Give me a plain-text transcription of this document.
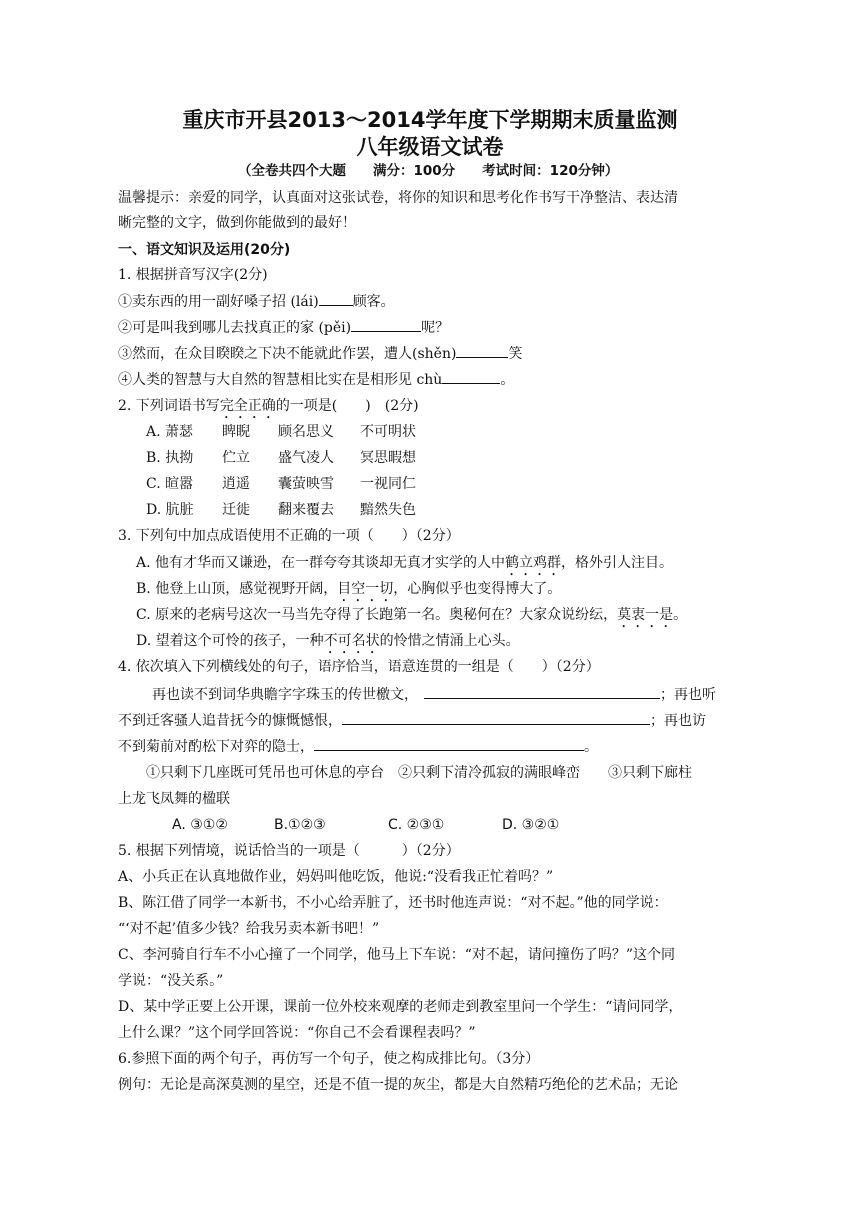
重庆市开县2013～2014学年度下学期期末质量监测
八年级语文试卷
（全卷共四个大题　　满分：100分　　考试时间：120分钟）
温馨提示：亲爱的同学，认真面对这张试卷，将你的知识和思考化作书写干净整洁、表达清
晰完整的文字，做到你能做到的最好！
一、语文知识及运用(20分)
1. 根据拼音写汉字(2分)
①卖东西的用一副好嗓子招 (lái) 顾客。
②可是叫我到哪儿去找真正的家 (pěi)	呢？
③然而，在众目睽睽之下决不能就此作罢，遭人(shěn)	笑
④人类的智慧与大自然的智慧相比实在是相形见 chù	。
2. 下列词语书写完全正确的一项是(　　)　(2分)
A. 萧瑟 睥睨 顾名思义 不可明状
B. 执拗 伫立 盛气凌人 冥思暇想
C. 暄嚣 逍遥 囊萤映雪 一视同仁
D. 肮脏 迁徙 翻来覆去 黯然失色
3. 下列句中加点成语使用不正确的一项（　　）（2分）
A. 他有才华而又谦逊，在一群夸夸其谈却无真才实学的人中鹤立鸡群，格外引人注目。
B. 他登上山顶，感觉视野开阔，目空一切，心胸似乎也变得博大了。
C. 原来的老病号这次一马当先夺得了长跑第一名。奥秘何在？大家众说纷纭，莫衷一是。
D. 望着这个可怜的孩子，一种不可名状的怜惜之情涌上心头。
4. 依次填入下列横线处的句子，语序恰当，语意连贯的一组是（　　）（2分）
再也读不到词华典瞻字字珠玉的传世檄文，	；再也听
不到迁客骚人追昔抚今的慷慨憾恨，	；再也访
不到菊前对酌松下对弈的隐士，	。
①只剩下几座既可凭吊也可休息的亭台　②只剩下清冷孤寂的满眼峰峦　　③只剩下廊柱
上龙飞凤舞的楹联
A. ③①②	B.①②③	C. ②③①	D. ③②①
5. 根据下列情境，说话恰当的一项是（　　　）（2分）
A、小兵正在认真地做作业，妈妈叫他吃饭，他说:“没看我正忙着吗？”
B、陈江借了同学一本新书，不小心给弄脏了，还书时他连声说：“对不起。”他的同学说：
“‘对不起’值多少钱？给我另卖本新书吧！”
C、李河骑自行车不小心撞了一个同学，他马上下车说：“对不起，请问撞伤了吗？”这个同
学说：“没关系。”
D、某中学正要上公开课，课前一位外校来观摩的老师走到教室里问一个学生：“请问同学，
上什么课？”这个同学回答说：“你自己不会看课程表吗？”
6.参照下面的两个句子，再仿写一个句子，使之构成排比句。（3分）
例句：无论是高深莫测的星空，还是不值一提的灰尘，都是大自然精巧绝伦的艺术品；无论
